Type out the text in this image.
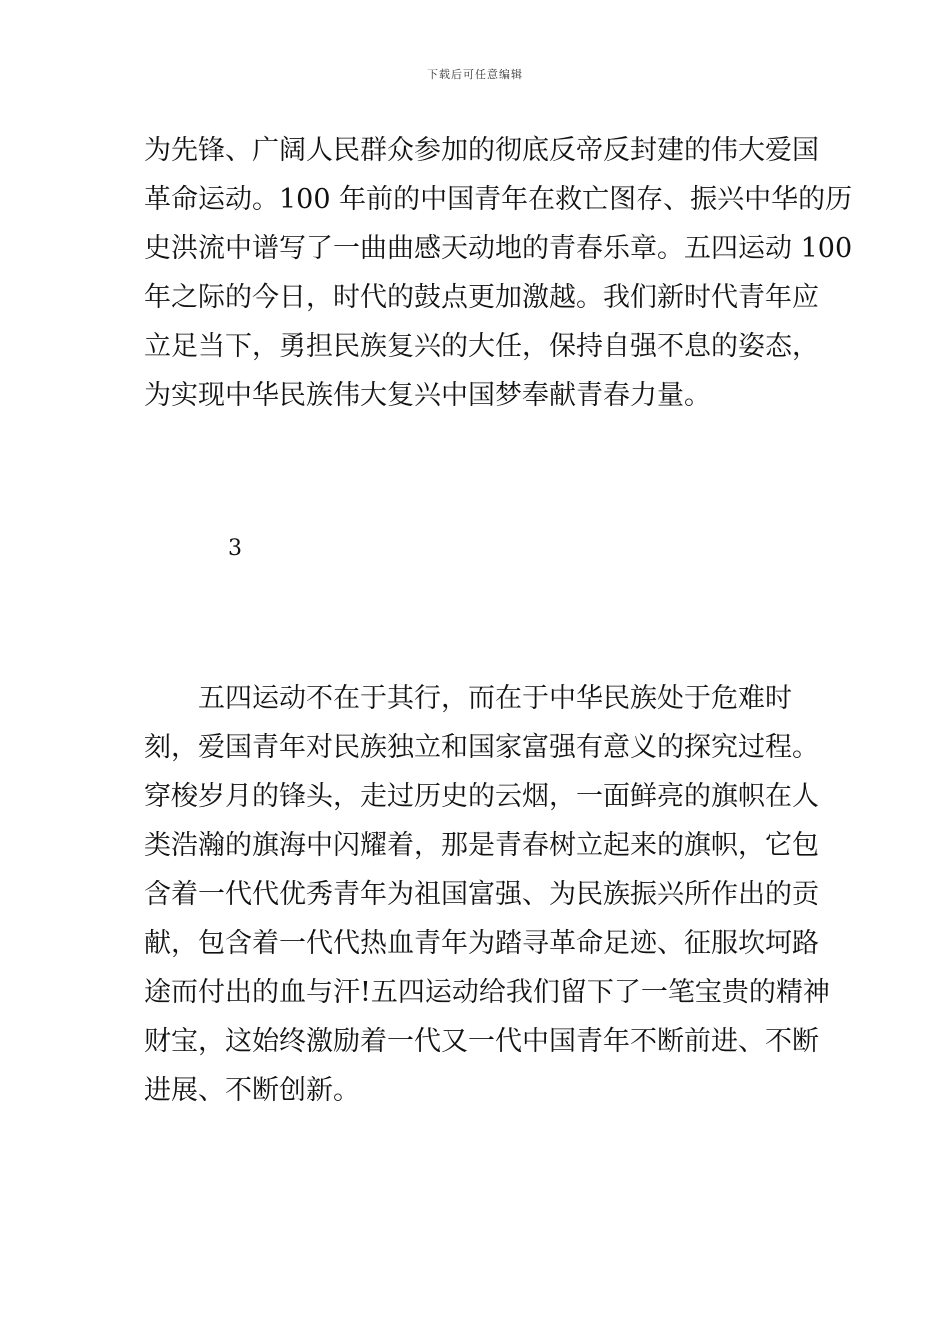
下载后可任意编辑
为先锋、广阔人民群众参加的彻底反帝反封建的伟大爱国
革命运动。100 年前的中国青年在救亡图存、振兴中华的历
史洪流中谱写了一曲曲感天动地的青春乐章。五四运动 100
年之际的今日，时代的鼓点更加激越。我们新时代青年应
立足当下，勇担民族复兴的大任，保持自强不息的姿态，
为实现中华民族伟大复兴中国梦奉献青春力量。
3
　　五四运动不在于其行，而在于中华民族处于危难时
刻，爱国青年对民族独立和国家富强有意义的探究过程。
穿梭岁月的锋头，走过历史的云烟，一面鲜亮的旗帜在人
类浩瀚的旗海中闪耀着，那是青春树立起来的旗帜，它包
含着一代代优秀青年为祖国富强、为民族振兴所作出的贡
献，包含着一代代热血青年为踏寻革命足迹、征服坎坷路
途而付出的血与汗!五四运动给我们留下了一笔宝贵的精神
财宝，这始终激励着一代又一代中国青年不断前进、不断
进展、不断创新。
